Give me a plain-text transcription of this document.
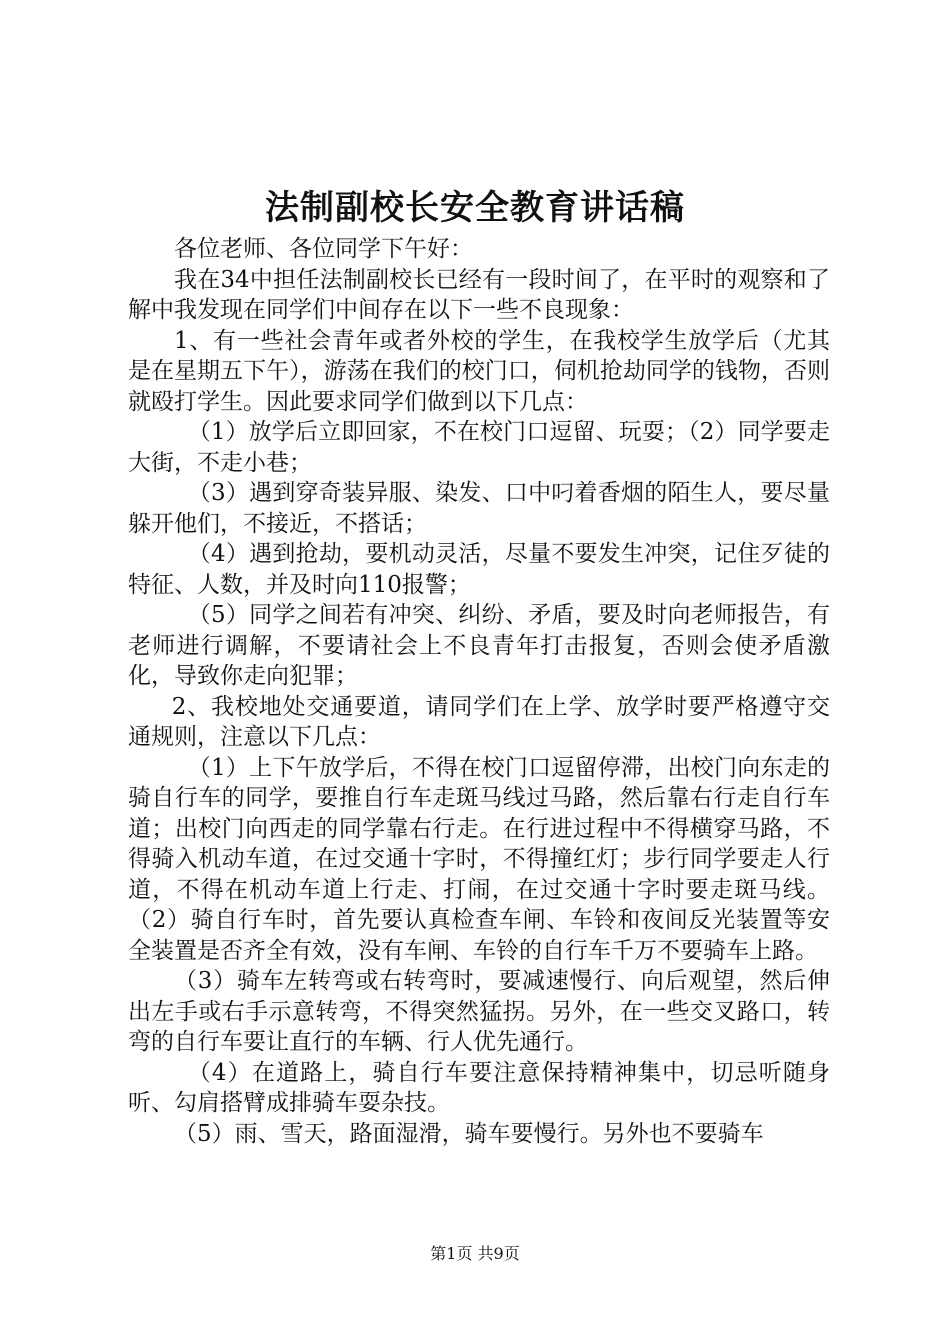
法制副校长安全教育讲话稿

各位老师、各位同学下午好：

我在34中担任法制副校长已经有一段时间了，在平时的观察和了解中我发现在同学们中间存在以下一些不良现象：

1、有一些社会青年或者外校的学生，在我校学生放学后（尤其是在星期五下午），游荡在我们的校门口，伺机抢劫同学的钱物，否则就殴打学生。因此要求同学们做到以下几点：

（1）放学后立即回家，不在校门口逗留、玩耍；（2）同学要走大街，不走小巷；

（3）遇到穿奇装异服、染发、口中叼着香烟的陌生人，要尽量躲开他们，不接近，不搭话；

（4）遇到抢劫，要机动灵活，尽量不要发生冲突，记住歹徒的特征、人数，并及时向110报警；

（5）同学之间若有冲突、纠纷、矛盾，要及时向老师报告，有老师进行调解，不要请社会上不良青年打击报复，否则会使矛盾激化，导致你走向犯罪；

2、我校地处交通要道，请同学们在上学、放学时要严格遵守交通规则，注意以下几点：

（1）上下午放学后，不得在校门口逗留停滞，出校门向东走的骑自行车的同学，要推自行车走斑马线过马路，然后靠右行走自行车道；出校门向西走的同学靠右行走。在行进过程中不得横穿马路，不得骑入机动车道，在过交通十字时，不得撞红灯；步行同学要走人行道，不得在机动车道上行走、打闹，在过交通十字时要走斑马线。（2）骑自行车时，首先要认真检查车闸、车铃和夜间反光装置等安全装置是否齐全有效，没有车闸、车铃的自行车千万不要骑车上路。

（3）骑车左转弯或右转弯时，要减速慢行、向后观望，然后伸出左手或右手示意转弯，不得突然猛拐。另外，在一些交叉路口，转弯的自行车要让直行的车辆、行人优先通行。

（4）在道路上，骑自行车要注意保持精神集中，切忌听随身听、勾肩搭臂成排骑车耍杂技。

（5）雨、雪天，路面湿滑，骑车要慢行。另外也不要骑车

第1页 共9页
